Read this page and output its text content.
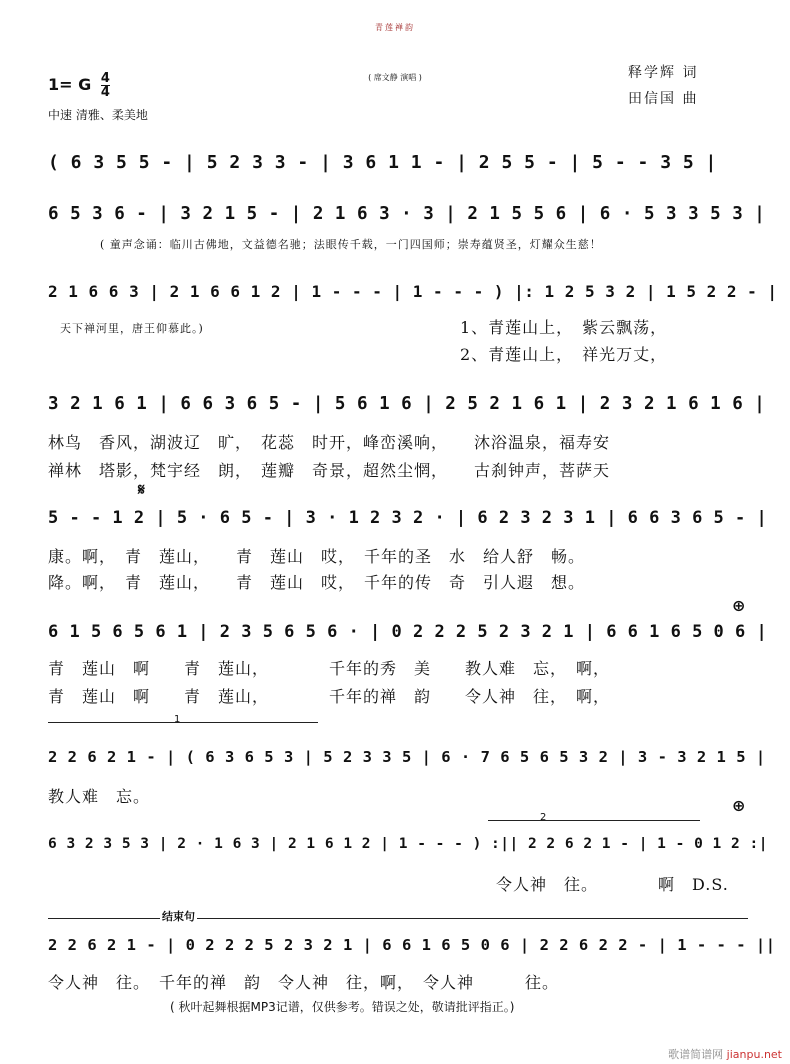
青莲禅韵
( 席文静 演唱 )
1= G $\frac{4}{4}$
中速 清雅、柔美地
释学辉 词
田信国 曲
( 6 3 5 5 - | 5 2 3 3 - | 3 6 1 1 - | 2 5 5 - | 5 - - 3 5 |
6 5 3 6 - | 3 2 1 5 - | 2 1 6 3 · 3 | 2 1 5 5 6 | 6 · 5 3 3 5 3 |
( 童声念诵：临川古佛地，文益德名驰；法眼传千载，一门四国师；崇寿蕴贤圣，灯耀众生慈！
2 1 6 6 3 | 2 1 6 6 1 2 | 1 - - - | 1 - - - ) |: 1 2 5 3 2 | 1 5 2 2 - |
天下禅河里，唐王仰慕此。)	1、青莲山上，　紫云飘荡，
2、青莲山上，　祥光万丈，
3 2 1 6 1 | 6 6 3 6 5 - | 5 6 1 6 | 2 5 2 1 6 1 | 2 3 2 1 6 1 6 |
林鸟　香风，湖波辽　旷，　花蕊　时开，峰峦溪响，　　沐浴温泉，福寿安
禅林　塔影，梵宇经　朗，　莲瓣　奇景，超然尘惘，　　古刹钟声，菩萨天
𝄋
5 - - 1 2 | 5 · 6 5 - | 3 · 1 2 3 2 · | 6 2 3 2 3 1 | 6 6 3 6 5 - |
康。啊，　青　莲山，　　青　莲山　哎，　千年的圣　水　给人舒　畅。
降。啊，　青　莲山，　　青　莲山　哎，　千年的传　奇　引人遐　想。
⊕
6 1 5 6 5 6 1 | 2 3 5 6 5 6 · | 0 2 2 2 5 2 3 2 1 | 6 6 1 6 5 0 6 |
青　莲山　啊　　青　莲山，　　　　千年的秀　美　　教人难　忘，　啊，
青　莲山　啊　　青　莲山，　　　　千年的禅　韵　　令人神　往，　啊，
1
2 2 6 2 1 - | ( 6 3 6 5 3 | 5 2 3 3 5 | 6 · 7 6 5 6 5 3 2 | 3 - 3 2 1 5 |
教人难　忘。
2
⊕
6 3 2 3 5 3 | 2 · 1 6 3 | 2 1 6 1 2 | 1 - - - ) :|| 2 2 6 2 1 - | 1 - 0 1 2 :|
令人神　往。　　　　啊　D.S.
结束句
2 2 6 2 1 - | 0 2 2 2 5 2 3 2 1 | 6 6 1 6 5 0 6 | 2 2 6 2 2 - | 1 - - - ||
令人神　往。　千年的禅　韵　令人神　往，啊，　令人神　　　往。
( 秋叶起舞根据MP3记谱，仅供参考。错误之处，敬请批评指正。)
歌谱简谱网 jianpu.net
